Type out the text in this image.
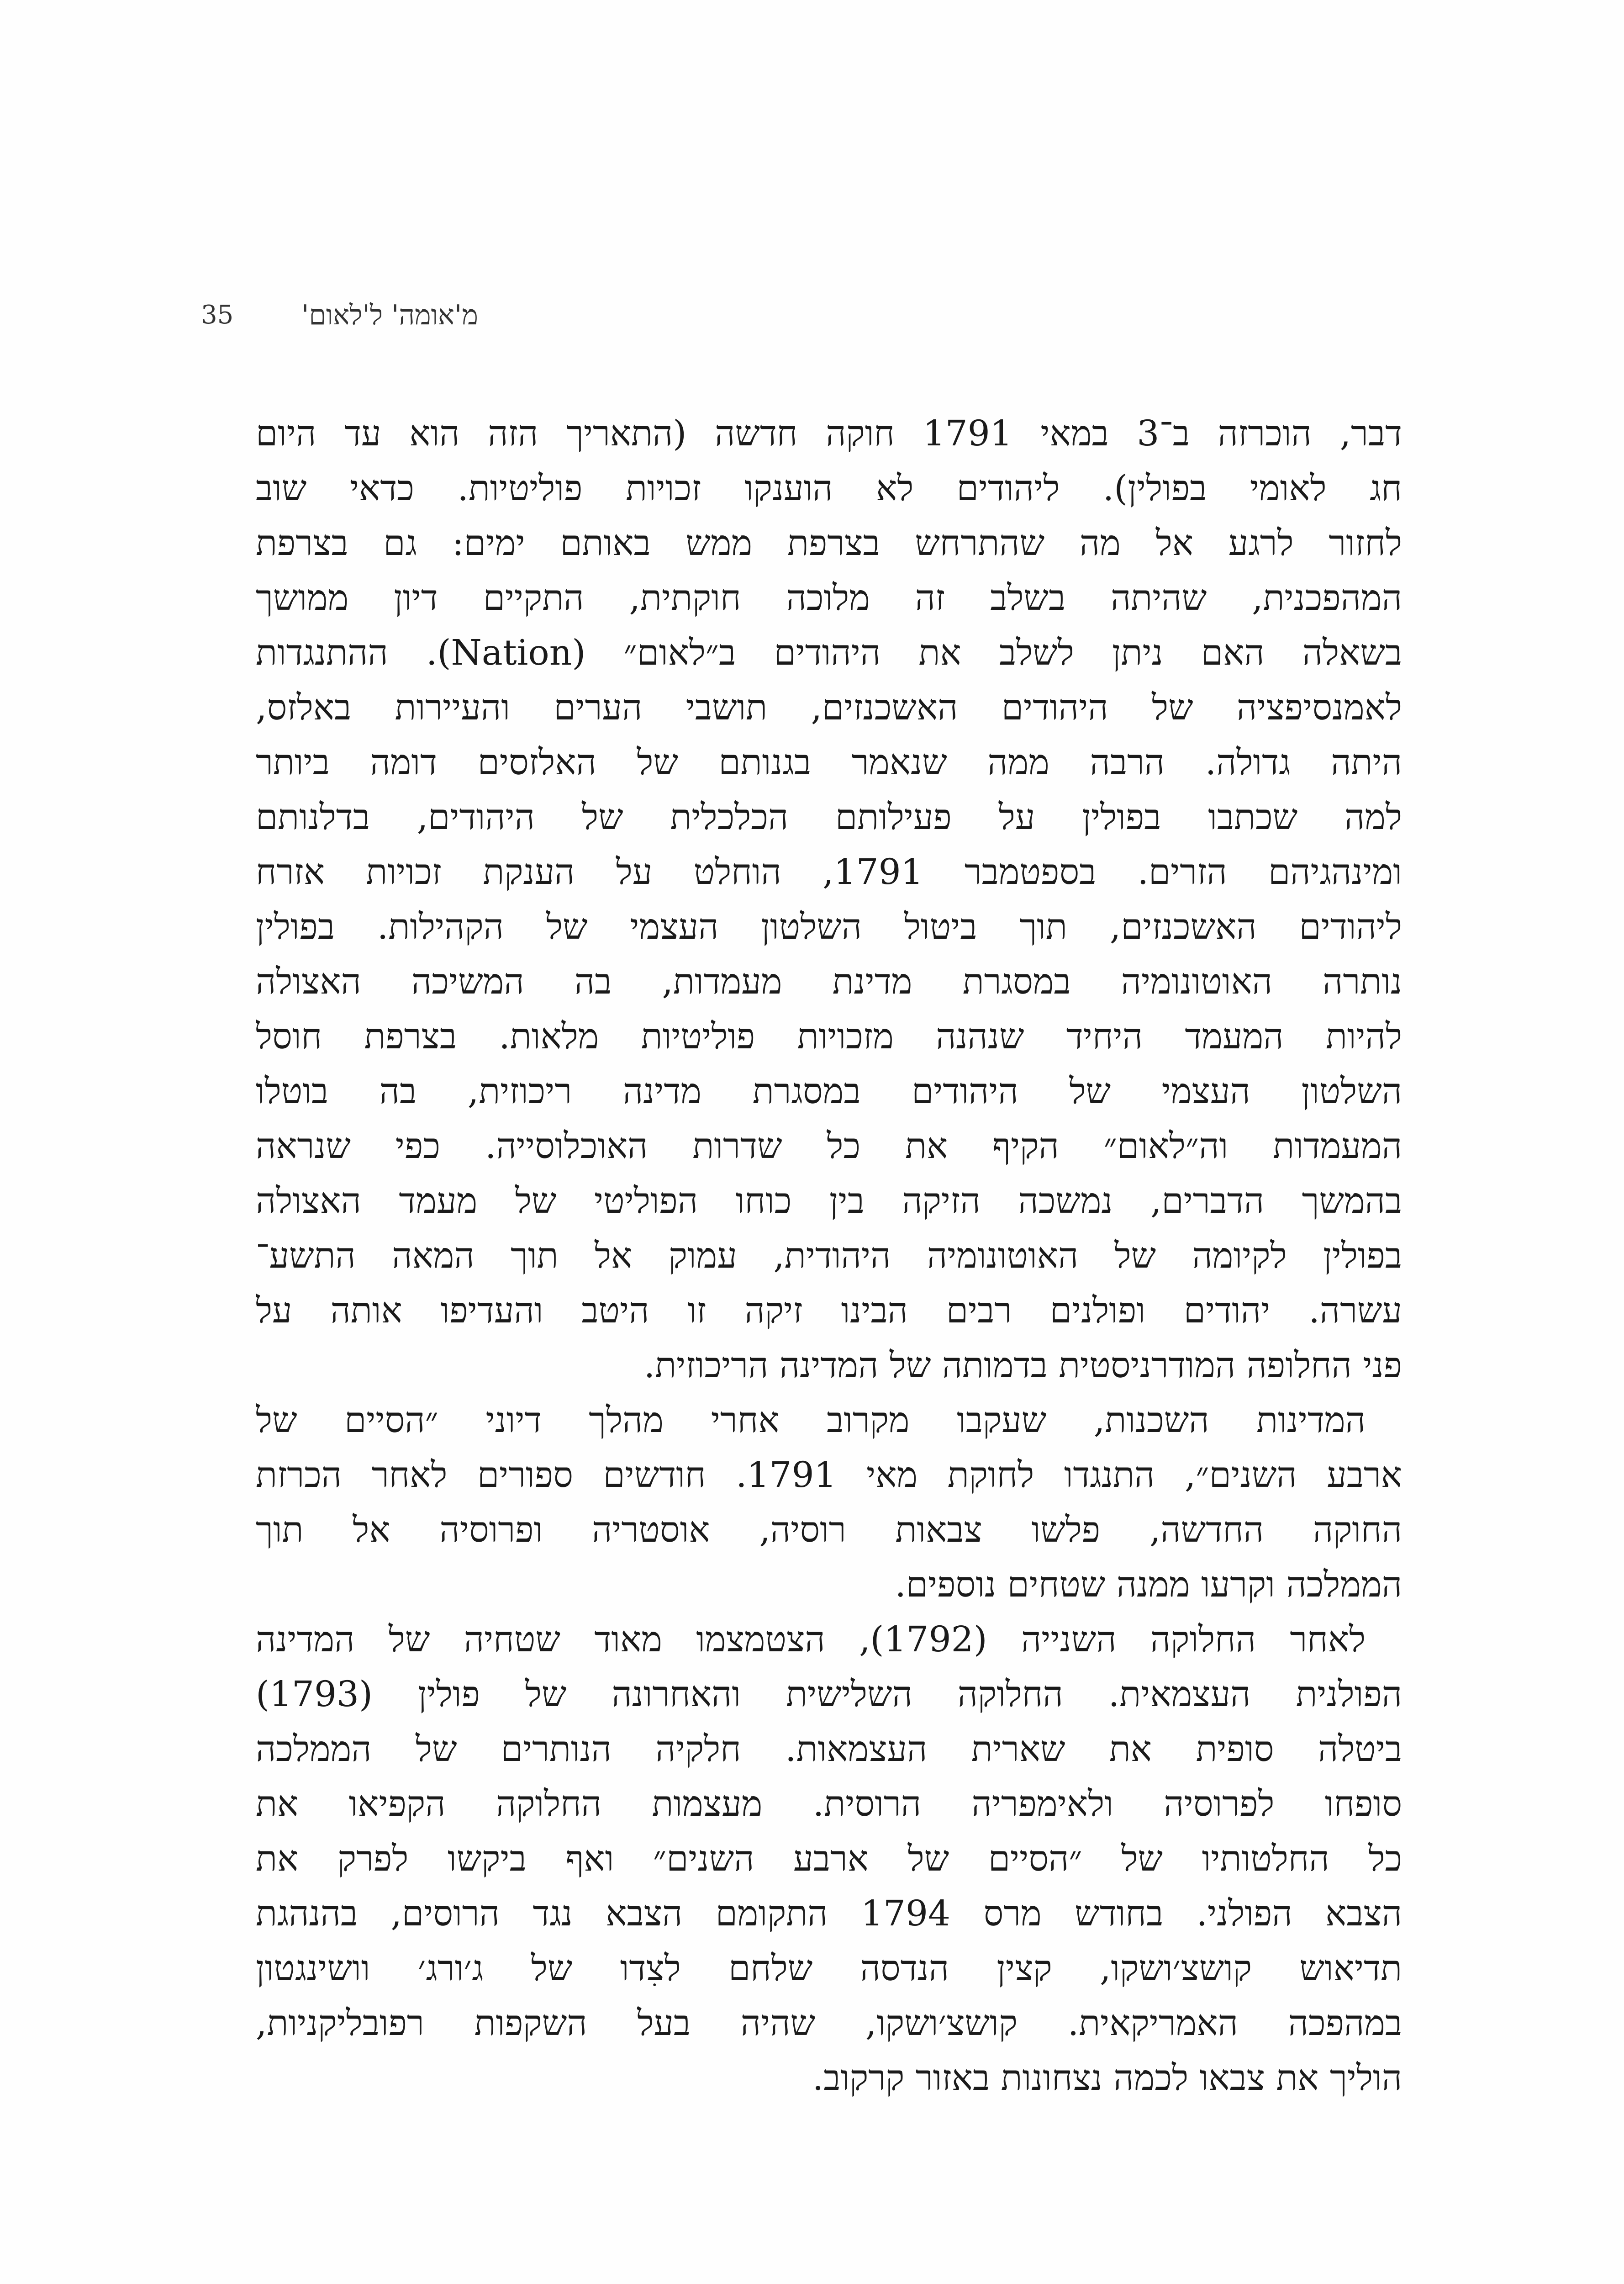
35 מ'אומה' ל'לאום'
דבר, הוכרזה ב־3 במאי 1791 חוקה חדשה (התאריך הזה הוא עד היום
חג לאומי בפולין). ליהודים לא הוענקו זכויות פוליטיות. כדאי שוב
לחזור לרגע אל מה שהתרחש בצרפת ממש באותם ימים: גם בצרפת
המהפכנית, שהיתה בשלב זה מלוכה חוקתית, התקיים דיון ממושך
בשאלה האם ניתן לשלב את היהודים ב״לאום״ (Nation). ההתנגדות
לאמנסיפציה של היהודים האשכנזים, תושבי הערים והעיירות באלזס,
היתה גדולה. הרבה ממה שנאמר בגנותם של האלזסים דומה ביותר
למה שכתבו בפולין על פעילותם הכלכלית של היהודים, בדלנותם
ומינהגיהם הזרים. בספטמבר 1791, הוחלט על הענקת זכויות אזרח
ליהודים האשכנזים, תוך ביטול השלטון העצמי של הקהילות. בפולין
נותרה האוטונומיה במסגרת מדינת מעמדות, בה המשיכה האצולה
להיות המעמד היחיד שנהנה מזכויות פוליטיות מלאות. בצרפת חוסל
השלטון העצמי של היהודים במסגרת מדינה ריכוזית, בה בוטלו
המעמדות וה״לאום״ הקיף את כל שדרות האוכלוסייה. כפי שנראה
בהמשך הדברים, נמשכה הזיקה בין כוחו הפוליטי של מעמד האצולה
בפולין לקיומה של האוטונומיה היהודית, עמוק אל תוך המאה התשע־
עשרה. יהודים ופולנים רבים הבינו זיקה זו היטב והעדיפו אותה על
פני החלופה המודרניסטית בדמותה של המדינה הריכוזית.
המדינות השכנות, שעקבו מקרוב אחרי מהלך דיוני ״הסיים של
ארבע השנים״, התנגדו לחוקת מאי 1791. חודשים ספורים לאחר הכרזת
החוקה החדשה, פלשו צבאות רוסיה, אוסטריה ופרוסיה אל תוך
הממלכה וקרעו ממנה שטחים נוספים.
לאחר החלוקה השנייה (1792), הצטמצמו מאוד שטחיה של המדינה
הפולנית העצמאית. החלוקה השלישית והאחרונה של פולין (1793)
ביטלה סופית את שארית העצמאות. חלקיה הנותרים של הממלכה
סופחו לפרוסיה ולאימפריה הרוסית. מעצמות החלוקה הקפיאו את
כל החלטותיו של ״הסיים של ארבע השנים״ ואף ביקשו לפרק את
הצבא הפולני. בחודש מרס 1794 התקומם הצבא נגד הרוסים, בהנהגת
תדיאוש קושצ׳ושקו, קצין הנדסה שלחם לצִדו של ג׳ורג׳ וושינגטון
במהפכה האמריקאית. קושצ׳ושקו, שהיה בעל השקפות רפובליקניות,
הוליך את צבאו לכמה נצחונות באזור קרקוב.
